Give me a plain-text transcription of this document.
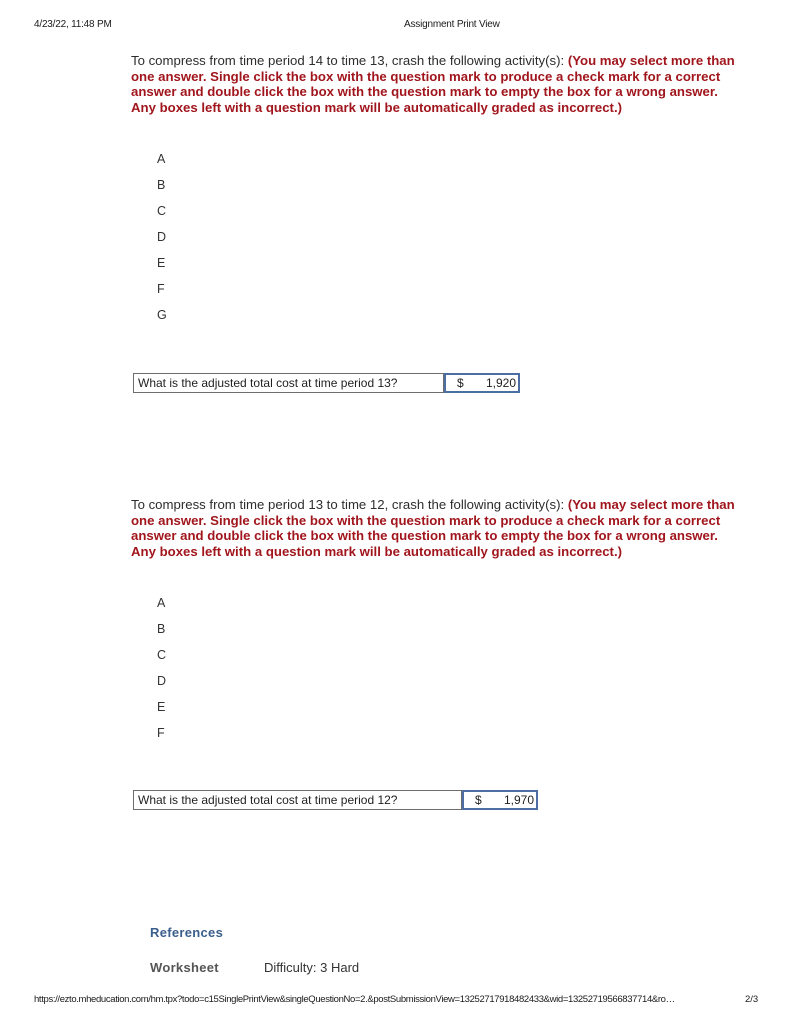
4/23/22, 11:48 PM	Assignment Print View
To compress from time period 14 to time 13, crash the following activity(s): (You may select more than one answer. Single click the box with the question mark to produce a check mark for a correct answer and double click the box with the question mark to empty the box for a wrong answer. Any boxes left with a question mark will be automatically graded as incorrect.)
A
B
C
D
E
F
G
What is the adjusted total cost at time period 13?	$ 1,920
To compress from time period 13 to time 12, crash the following activity(s): (You may select more than one answer. Single click the box with the question mark to produce a check mark for a correct answer and double click the box with the question mark to empty the box for a wrong answer. Any boxes left with a question mark will be automatically graded as incorrect.)
A
B
C
D
E
F
What is the adjusted total cost at time period 12?	$ 1,970
References
Worksheet	Difficulty: 3 Hard
https://ezto.mheducation.com/hm.tpx?todo=c15SinglePrintView&singleQuestionNo=2.&postSubmissionView=13252717918482433&wid=13252719566837714&ro…	2/3
